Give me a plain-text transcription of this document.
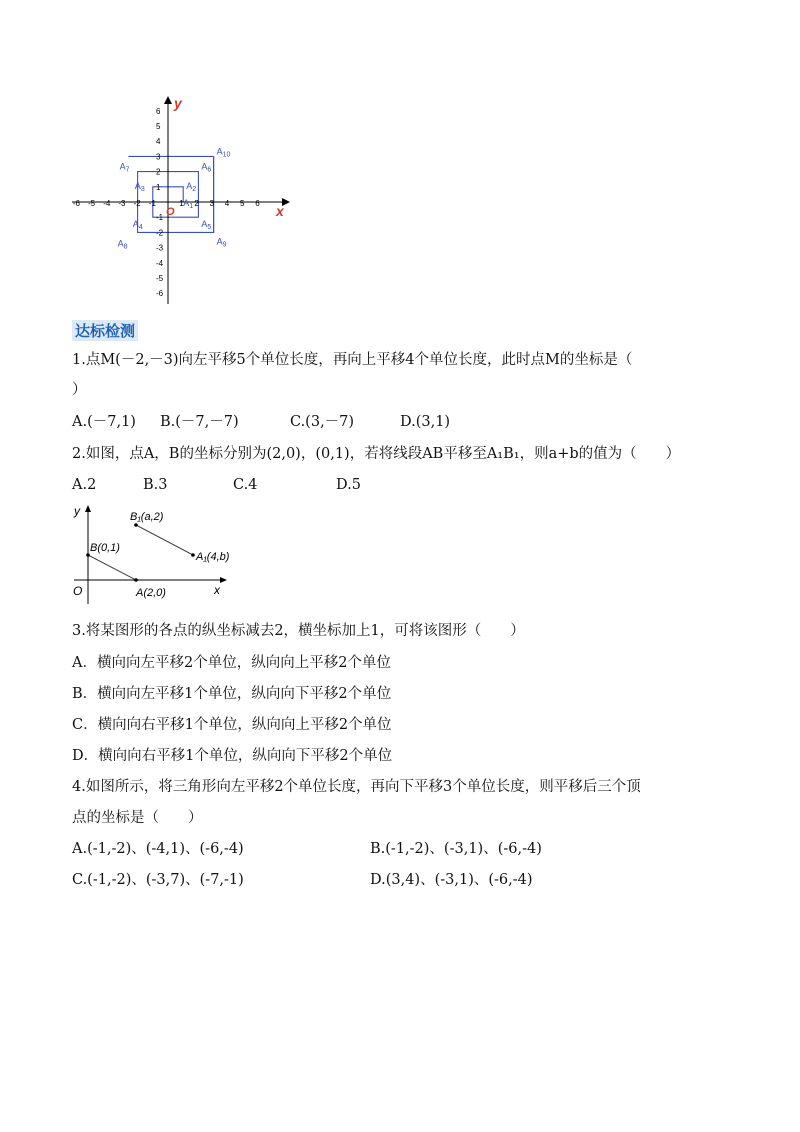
-6 -5 -4 -3 -2 -1	1 2 3 4 5 6
6
5
4
3
2
1
-1
-2
-3
-4
-5
-6
$A_1$
$A_2$
$A_3$
$A_4$	$A_5$
$A_6$
$A_7$
$A_8$
$A_9$
$A_{10}$
x
y
O
达标检测
1.点M(－2,－3)向左平移5个单位长度，再向上平移4个单位长度，此时点M的坐标是（
）
A.(－7,1) B.(－7,－7)	C.(3,－7)	D.(3,1)
2.如图，点A，B的坐标分别为(2,0)，(0,1)，若将线段AB平移至A₁B₁，则a+b的值为（　　）
A.2	B.3	C.4	D.5
y
x
O
B(0,1)
A(2,0)
B₁(a,2)
A₁(4,b)
3.将某图形的各点的纵坐标减去2，横坐标加上1，可将该图形（　　）
A．横向向左平移2个单位，纵向向上平移2个单位
B．横向向左平移1个单位，纵向向下平移2个单位
C．横向向右平移1个单位，纵向向上平移2个单位
D．横向向右平移1个单位，纵向向下平移2个单位
4.如图所示，将三角形向左平移2个单位长度，再向下平移3个单位长度，则平移后三个顶
点的坐标是（　　）
A.(-1,-2)、(-4,1)、(-6,-4)	B.(-1,-2)、(-3,1)、(-6,-4)
C.(-1,-2)、(-3,7)、(-7,-1)	D.(3,4)、(-3,1)、(-6,-4)
